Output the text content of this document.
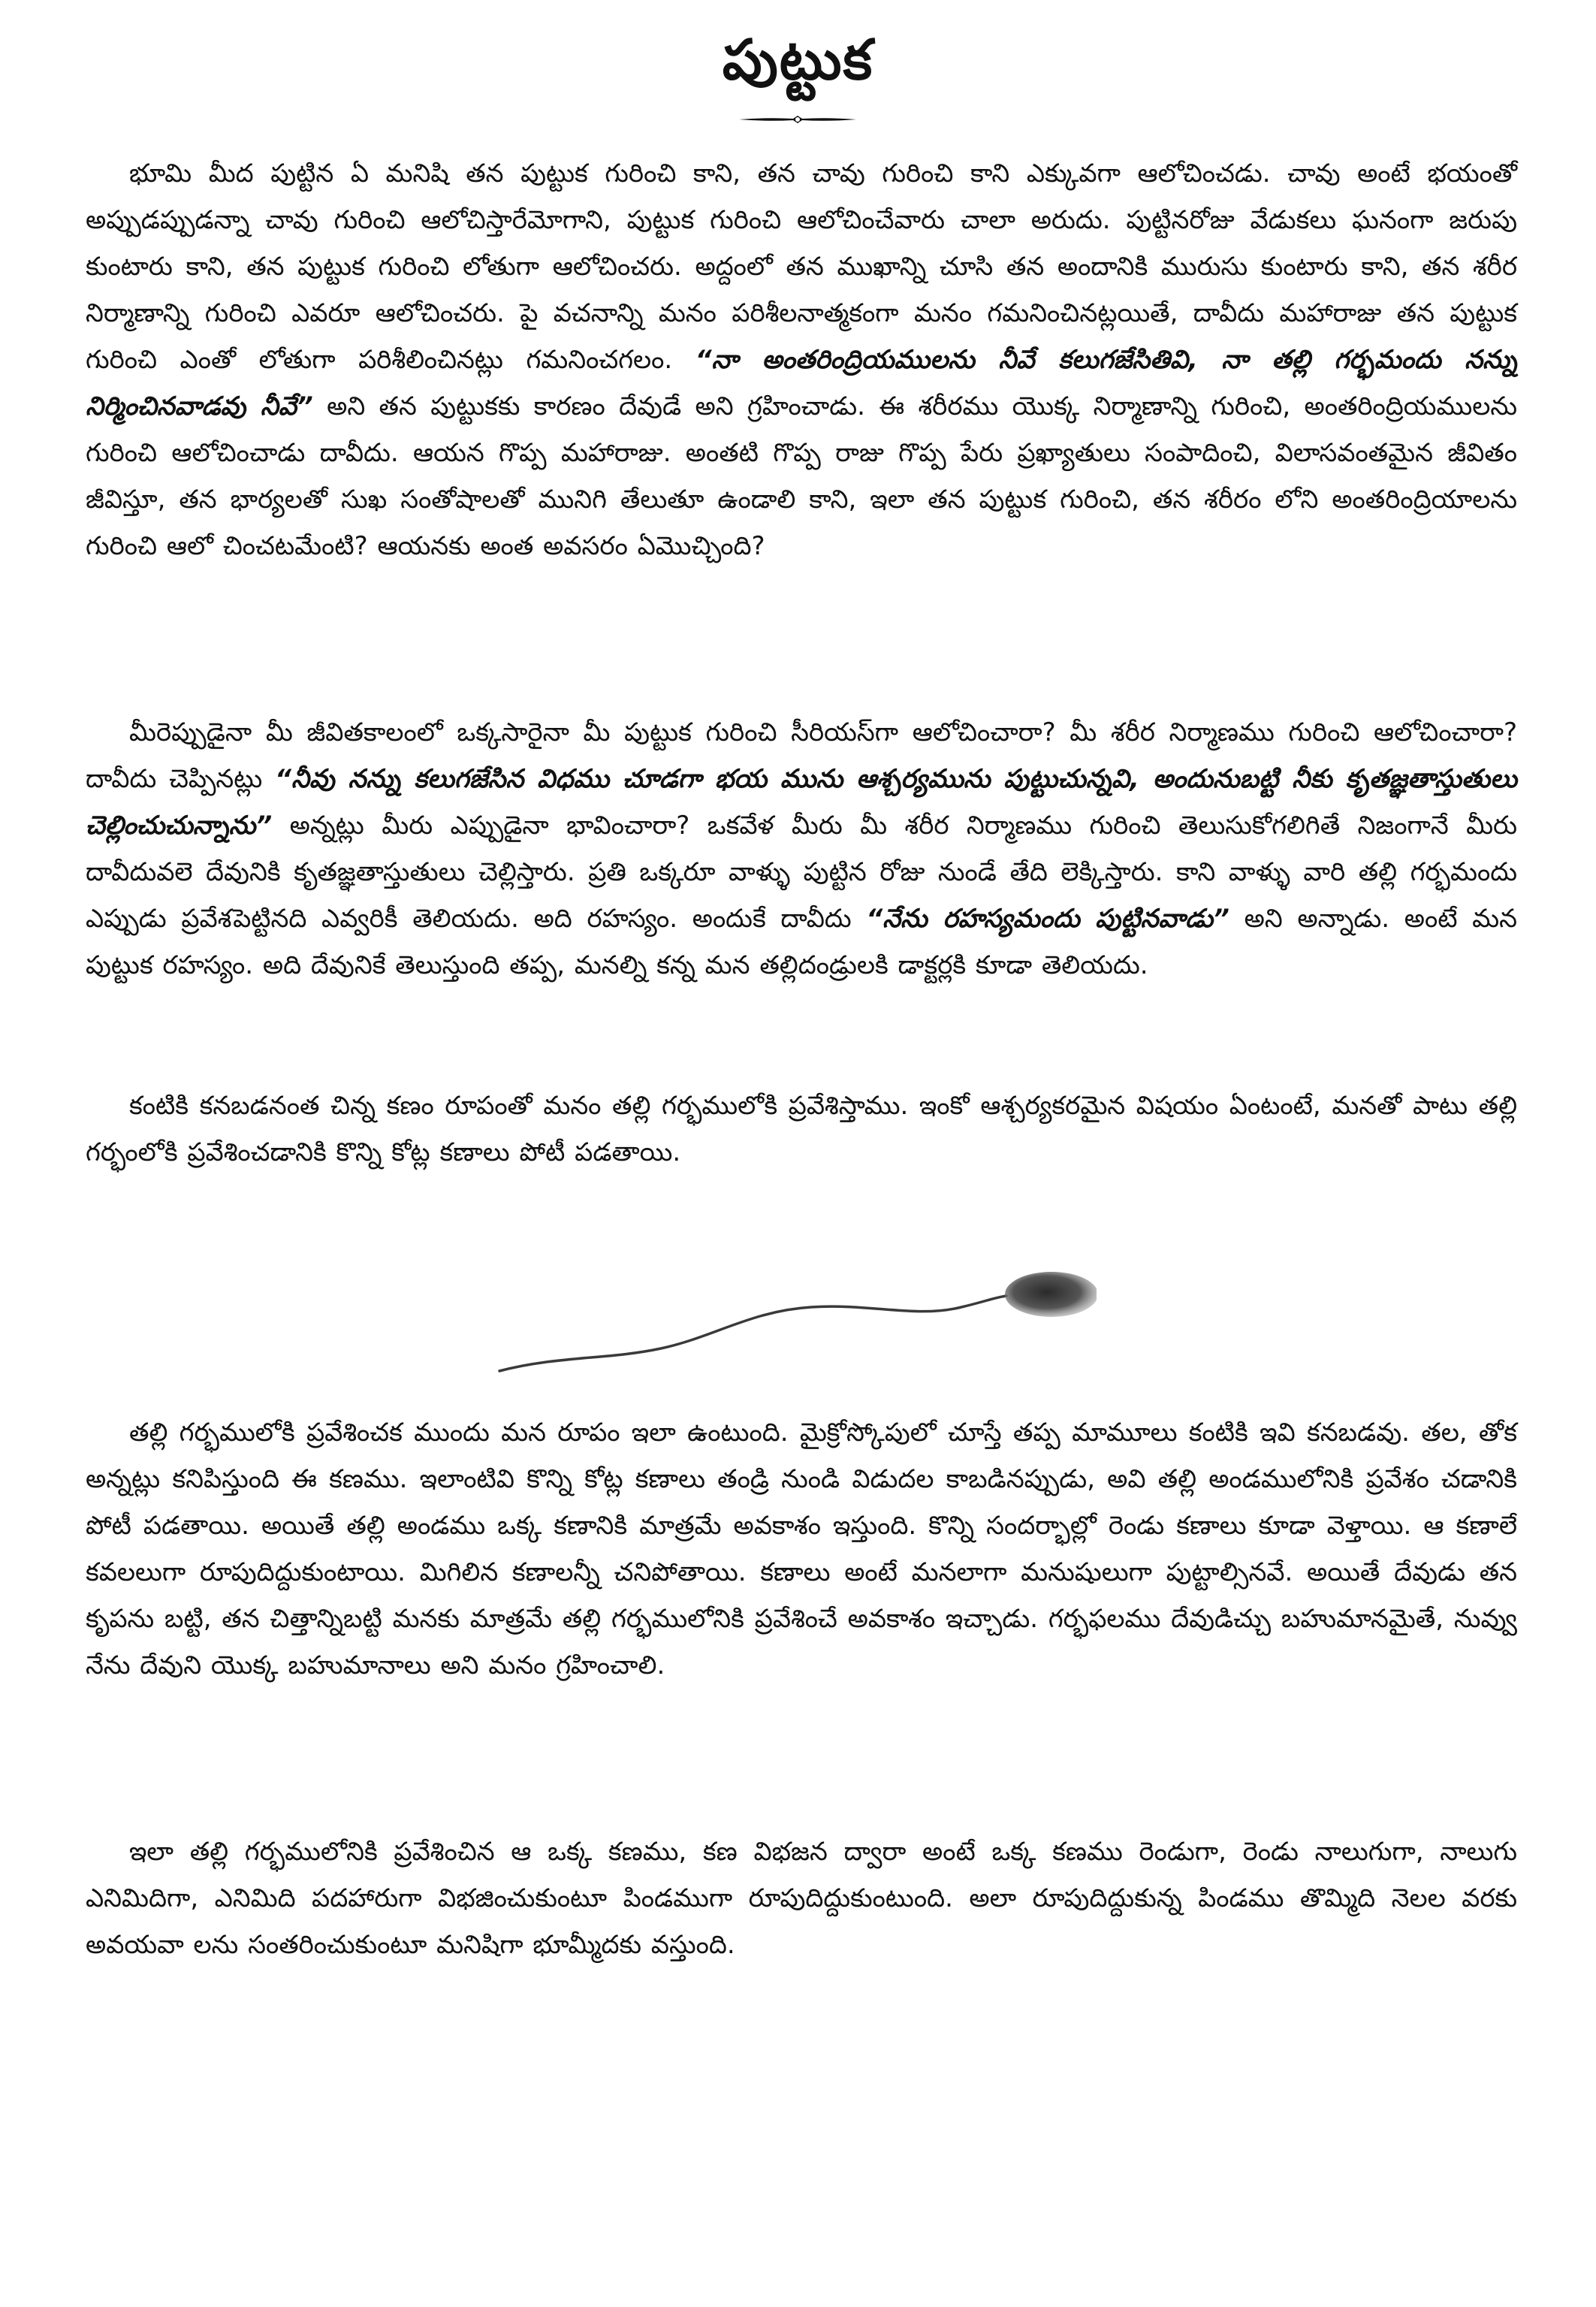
పుట్టుక

భూమి మీద పుట్టిన ఏ మనిషి తన పుట్టుక గురించి కాని, తన చావు గురించి కాని ఎక్కువగా ఆలోచించడు. చావు అంటే భయంతో అప్పుడప్పుడన్నా చావు గురించి ఆలోచిస్తారేమోగాని, పుట్టుక గురించి ఆలోచించేవారు చాలా అరుదు. పుట్టినరోజు వేడుకలు ఘనంగా జరుపు కుంటారు కాని, తన పుట్టుక గురించి లోతుగా ఆలోచించరు. అద్దంలో తన ముఖాన్ని చూసి తన అందానికి మురుసు కుంటారు కాని, తన శరీర నిర్మాణాన్ని గురించి ఎవరూ ఆలోచించరు. పై వచనాన్ని మనం పరిశీలనాత్మకంగా మనం గమనించినట్లయితే, దావీదు మహారాజు తన పుట్టుక గురించి ఎంతో లోతుగా పరిశీలించినట్లు గమనించగలం. “నా అంతరింద్రియములను నీవే కలుగజేసితివి, నా తల్లి గర్భమందు నన్ను నిర్మించినవాడవు నీవే” అని తన పుట్టుకకు కారణం దేవుడే అని గ్రహించాడు. ఈ శరీరము యొక్క నిర్మాణాన్ని గురించి, అంతరింద్రియములను గురించి ఆలోచించాడు దావీదు. ఆయన గొప్ప మహారాజు. అంతటి గొప్ప రాజు గొప్ప పేరు ప్రఖ్యాతులు సంపాదించి, విలాసవంతమైన జీవితం జీవిస్తూ, తన భార్యలతో సుఖ సంతోషాలతో మునిగి తేలుతూ ఉండాలి కాని, ఇలా తన పుట్టుక గురించి, తన శరీరం లోని అంతరింద్రియాలను గురించి ఆలో చించటమేంటి? ఆయనకు అంత అవసరం ఏమొచ్చింది?

మీరెప్పుడైనా మీ జీవితకాలంలో ఒక్కసారైనా మీ పుట్టుక గురించి సీరియస్‌గా ఆలోచించారా? మీ శరీర నిర్మాణము గురించి ఆలోచించారా? దావీదు చెప్పినట్లు “నీవు నన్ను కలుగజేసిన విధము చూడగా భయ మును ఆశ్చర్యమును పుట్టుచున్నవి, అందునుబట్టి నీకు కృతజ్ఞతాస్తుతులు చెల్లించుచున్నాను” అన్నట్లు మీరు ఎప్పుడైనా భావించారా? ఒకవేళ మీరు మీ శరీర నిర్మాణము గురించి తెలుసుకోగలిగితే నిజంగానే మీరు దావీదువలె దేవునికి కృతజ్ఞతాస్తుతులు చెల్లిస్తారు. ప్రతి ఒక్కరూ వాళ్ళు పుట్టిన రోజు నుండే తేది లెక్కిస్తారు. కాని వాళ్ళు వారి తల్లి గర్భమందు ఎప్పుడు ప్రవేశపెట్టినది ఎవ్వరికీ తెలియదు. అది రహస్యం. అందుకే దావీదు “నేను రహస్యమందు పుట్టినవాడు” అని అన్నాడు. అంటే మన పుట్టుక రహస్యం. అది దేవునికే తెలుస్తుంది తప్ప, మనల్ని కన్న మన తల్లిదండ్రులకి డాక్టర్లకి కూడా తెలియదు.

కంటికి కనబడనంత చిన్న కణం రూపంతో మనం తల్లి గర్భములోకి ప్రవేశిస్తాము. ఇంకో ఆశ్చర్యకరమైన విషయం ఏంటంటే, మనతో పాటు తల్లి గర్భంలోకి ప్రవేశించడానికి కొన్ని కోట్ల కణాలు పోటీ పడతాయి.

తల్లి గర్భములోకి ప్రవేశించక ముందు మన రూపం ఇలా ఉంటుంది. మైక్రోస్కోపులో చూస్తే తప్ప మామూలు కంటికి ఇవి కనబడవు. తల, తోక అన్నట్లు కనిపిస్తుంది ఈ కణము. ఇలాంటివి కొన్ని కోట్ల కణాలు తండ్రి నుండి విడుదల కాబడినప్పుడు, అవి తల్లి అండములోనికి ప్రవేశం చడానికి పోటీ పడతాయి. అయితే తల్లి అండము ఒక్క కణానికి మాత్రమే అవకాశం ఇస్తుంది. కొన్ని సందర్భాల్లో రెండు కణాలు కూడా వెళ్తాయి. ఆ కణాలే కవలలుగా రూపుదిద్దుకుంటాయి. మిగిలిన కణాలన్నీ చనిపోతాయి. కణాలు అంటే మనలాగా మనుషులుగా పుట్టాల్సినవే. అయితే దేవుడు తన కృపను బట్టి, తన చిత్తాన్నిబట్టి మనకు మాత్రమే తల్లి గర్భములోనికి ప్రవేశించే అవకాశం ఇచ్చాడు. గర్భఫలము దేవుడిచ్చు బహుమానమైతే, నువ్వు నేను దేవుని యొక్క బహుమానాలు అని మనం గ్రహించాలి.

ఇలా తల్లి గర్భములోనికి ప్రవేశించిన ఆ ఒక్క కణము, కణ విభజన ద్వారా అంటే ఒక్క కణము రెండుగా, రెండు నాలుగుగా, నాలుగు ఎనిమిదిగా, ఎనిమిది పదహారుగా విభజించుకుంటూ పిండముగా రూపుదిద్దుకుంటుంది. అలా రూపుదిద్దుకున్న పిండము తొమ్మిది నెలల వరకు అవయవా లను సంతరించుకుంటూ మనిషిగా భూమ్మీదకు వస్తుంది.
